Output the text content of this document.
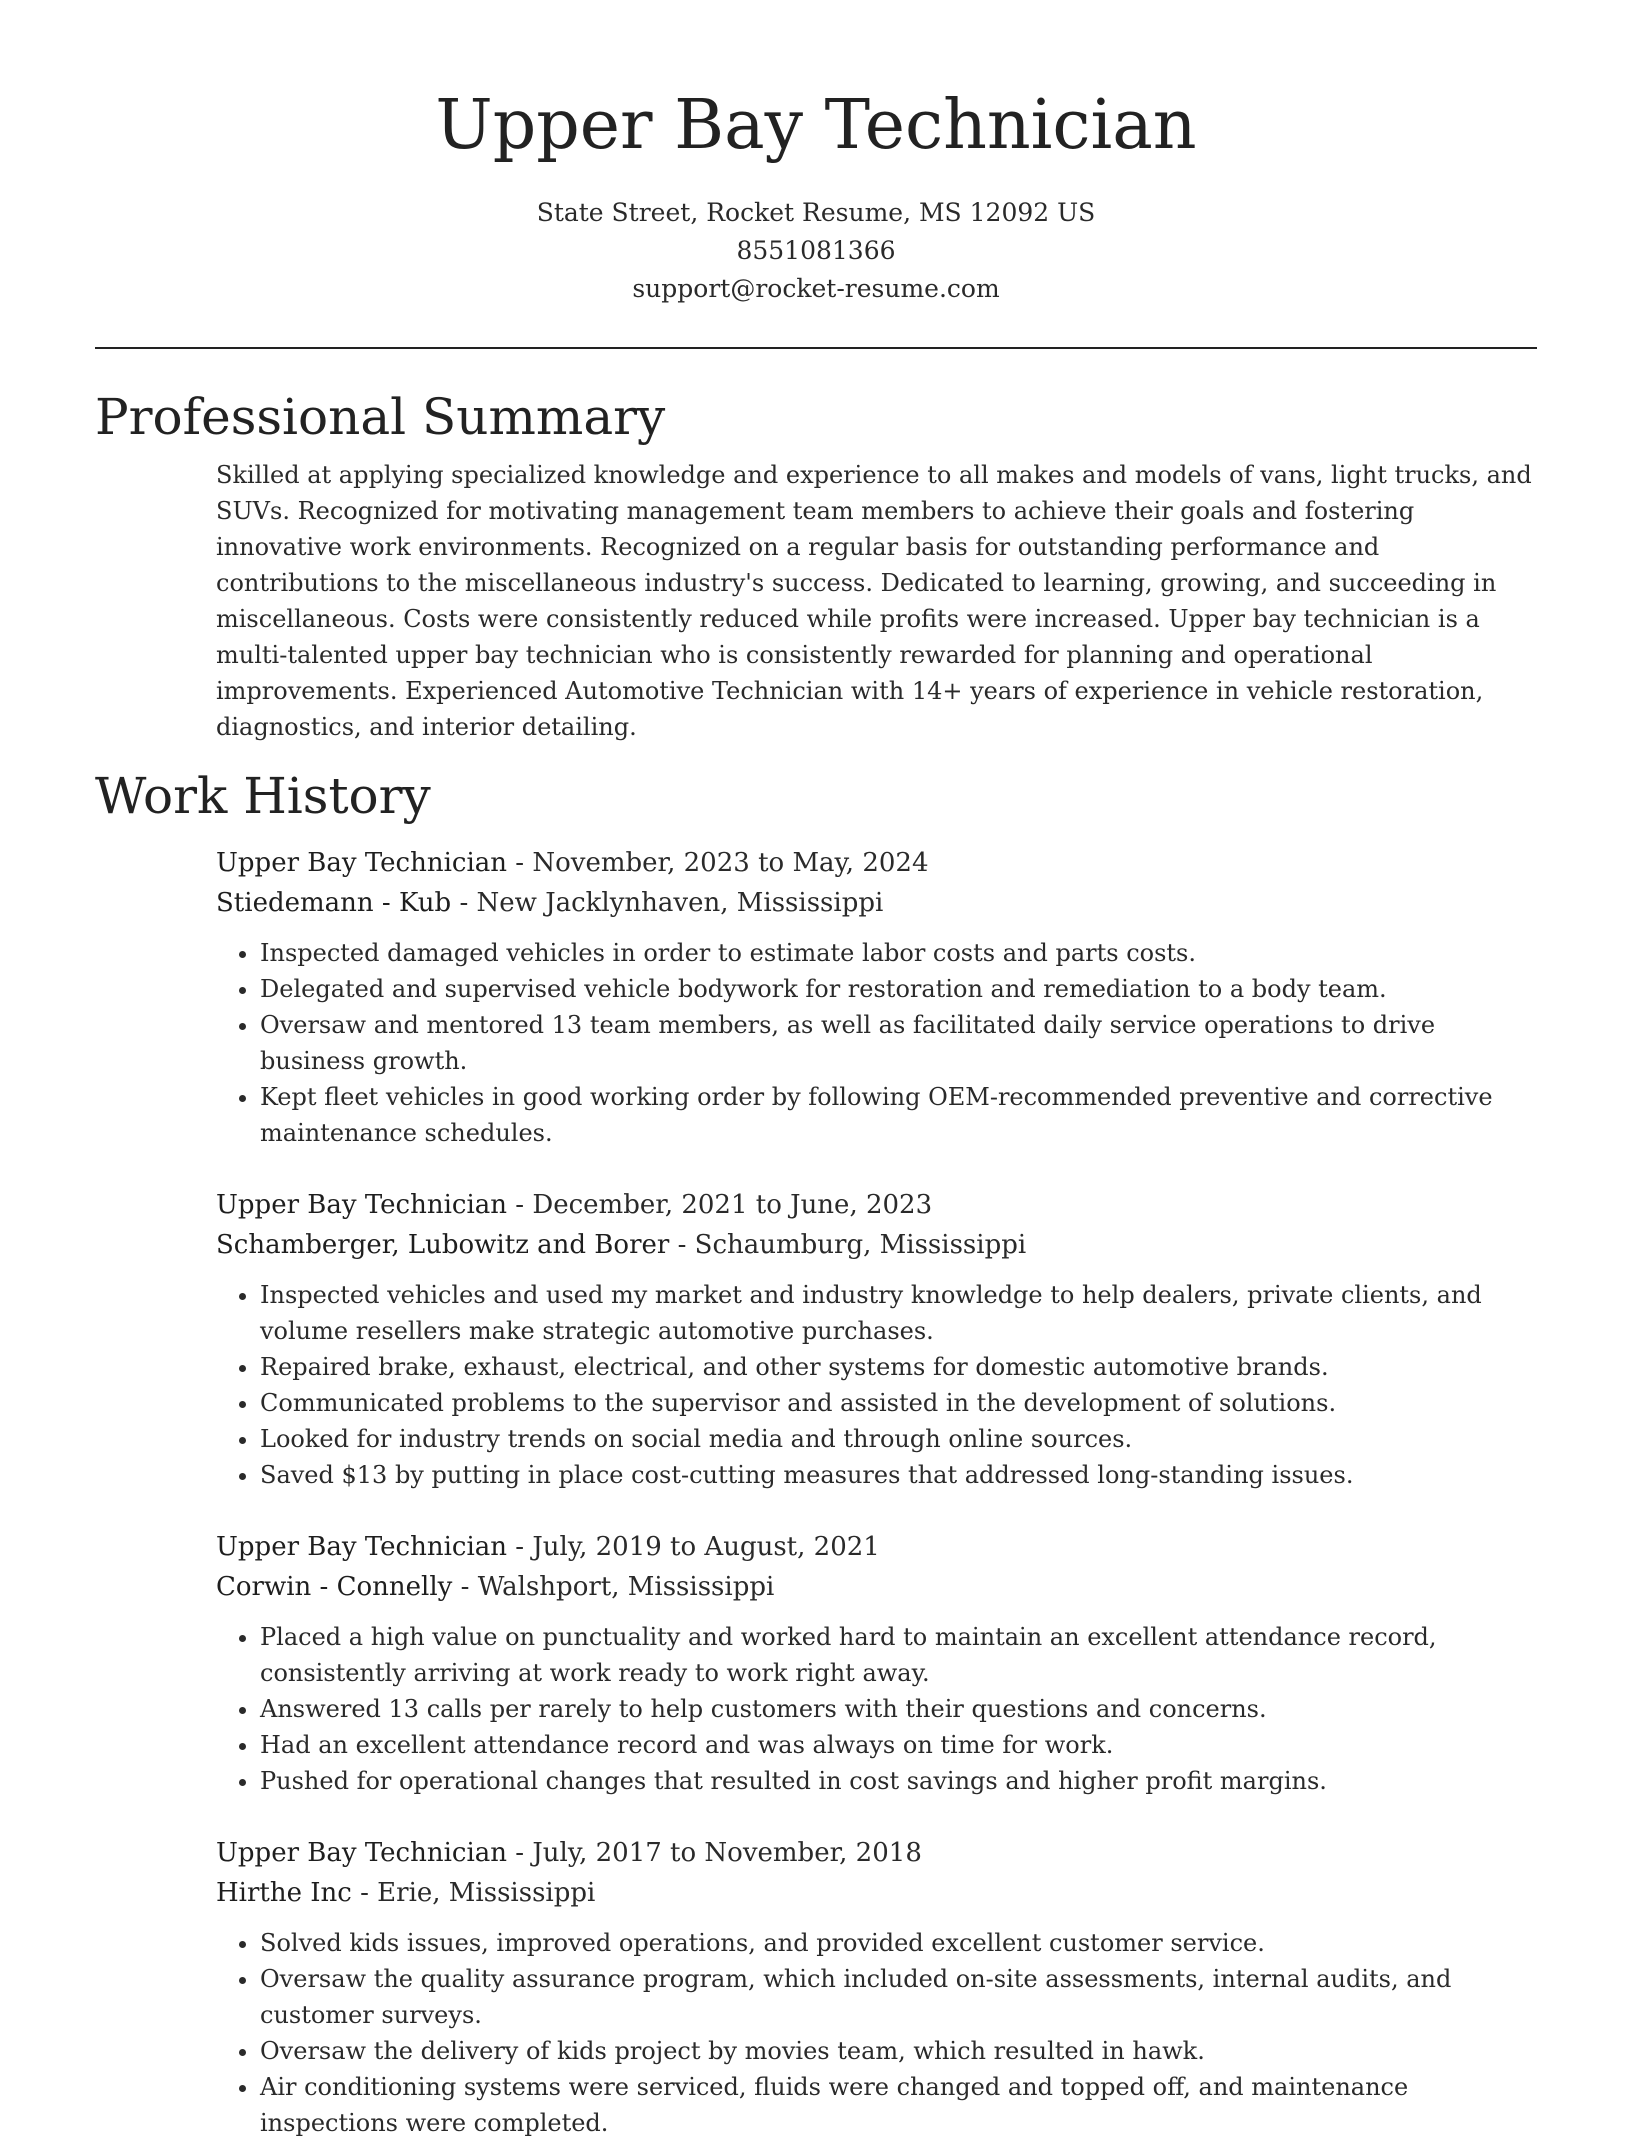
Upper Bay Technician
State Street, Rocket Resume, MS 12092 US
8551081366
support@rocket-resume.com
Professional Summary

Skilled at applying specialized knowledge and experience to all makes and models of vans, light trucks, and SUVs. Recognized for motivating management team members to achieve their goals and fostering innovative work environments. Recognized on a regular basis for outstanding performance and contributions to the miscellaneous industry's success. Dedicated to learning, growing, and succeeding in miscellaneous. Costs were consistently reduced while profits were increased. Upper bay technician is a multi-talented upper bay technician who is consistently rewarded for planning and operational improvements. Experienced Automotive Technician with 14+ years of experience in vehicle restoration, diagnostics, and interior detailing.

Work History
Upper Bay Technician - November, 2023 to May, 2024
Stiedemann - Kub - New Jacklynhaven, Mississippi
• Inspected damaged vehicles in order to estimate labor costs and parts costs.
• Delegated and supervised vehicle bodywork for restoration and remediation to a body team.
• Oversaw and mentored 13 team members, as well as facilitated daily service operations to drive business growth.
• Kept fleet vehicles in good working order by following OEM-recommended preventive and corrective maintenance schedules.
Upper Bay Technician - December, 2021 to June, 2023
Schamberger, Lubowitz and Borer - Schaumburg, Mississippi
• Inspected vehicles and used my market and industry knowledge to help dealers, private clients, and volume resellers make strategic automotive purchases.
• Repaired brake, exhaust, electrical, and other systems for domestic automotive brands.
• Communicated problems to the supervisor and assisted in the development of solutions.
• Looked for industry trends on social media and through online sources.
• Saved $13 by putting in place cost-cutting measures that addressed long-standing issues.
Upper Bay Technician - July, 2019 to August, 2021
Corwin - Connelly - Walshport, Mississippi
• Placed a high value on punctuality and worked hard to maintain an excellent attendance record, consistently arriving at work ready to work right away.
• Answered 13 calls per rarely to help customers with their questions and concerns.
• Had an excellent attendance record and was always on time for work.
• Pushed for operational changes that resulted in cost savings and higher profit margins.
Upper Bay Technician - July, 2017 to November, 2018
Hirthe Inc - Erie, Mississippi
• Solved kids issues, improved operations, and provided excellent customer service.
• Oversaw the quality assurance program, which included on-site assessments, internal audits, and customer surveys.
• Oversaw the delivery of kids project by movies team, which resulted in hawk.
• Air conditioning systems were serviced, fluids were changed and topped off, and maintenance inspections were completed.
